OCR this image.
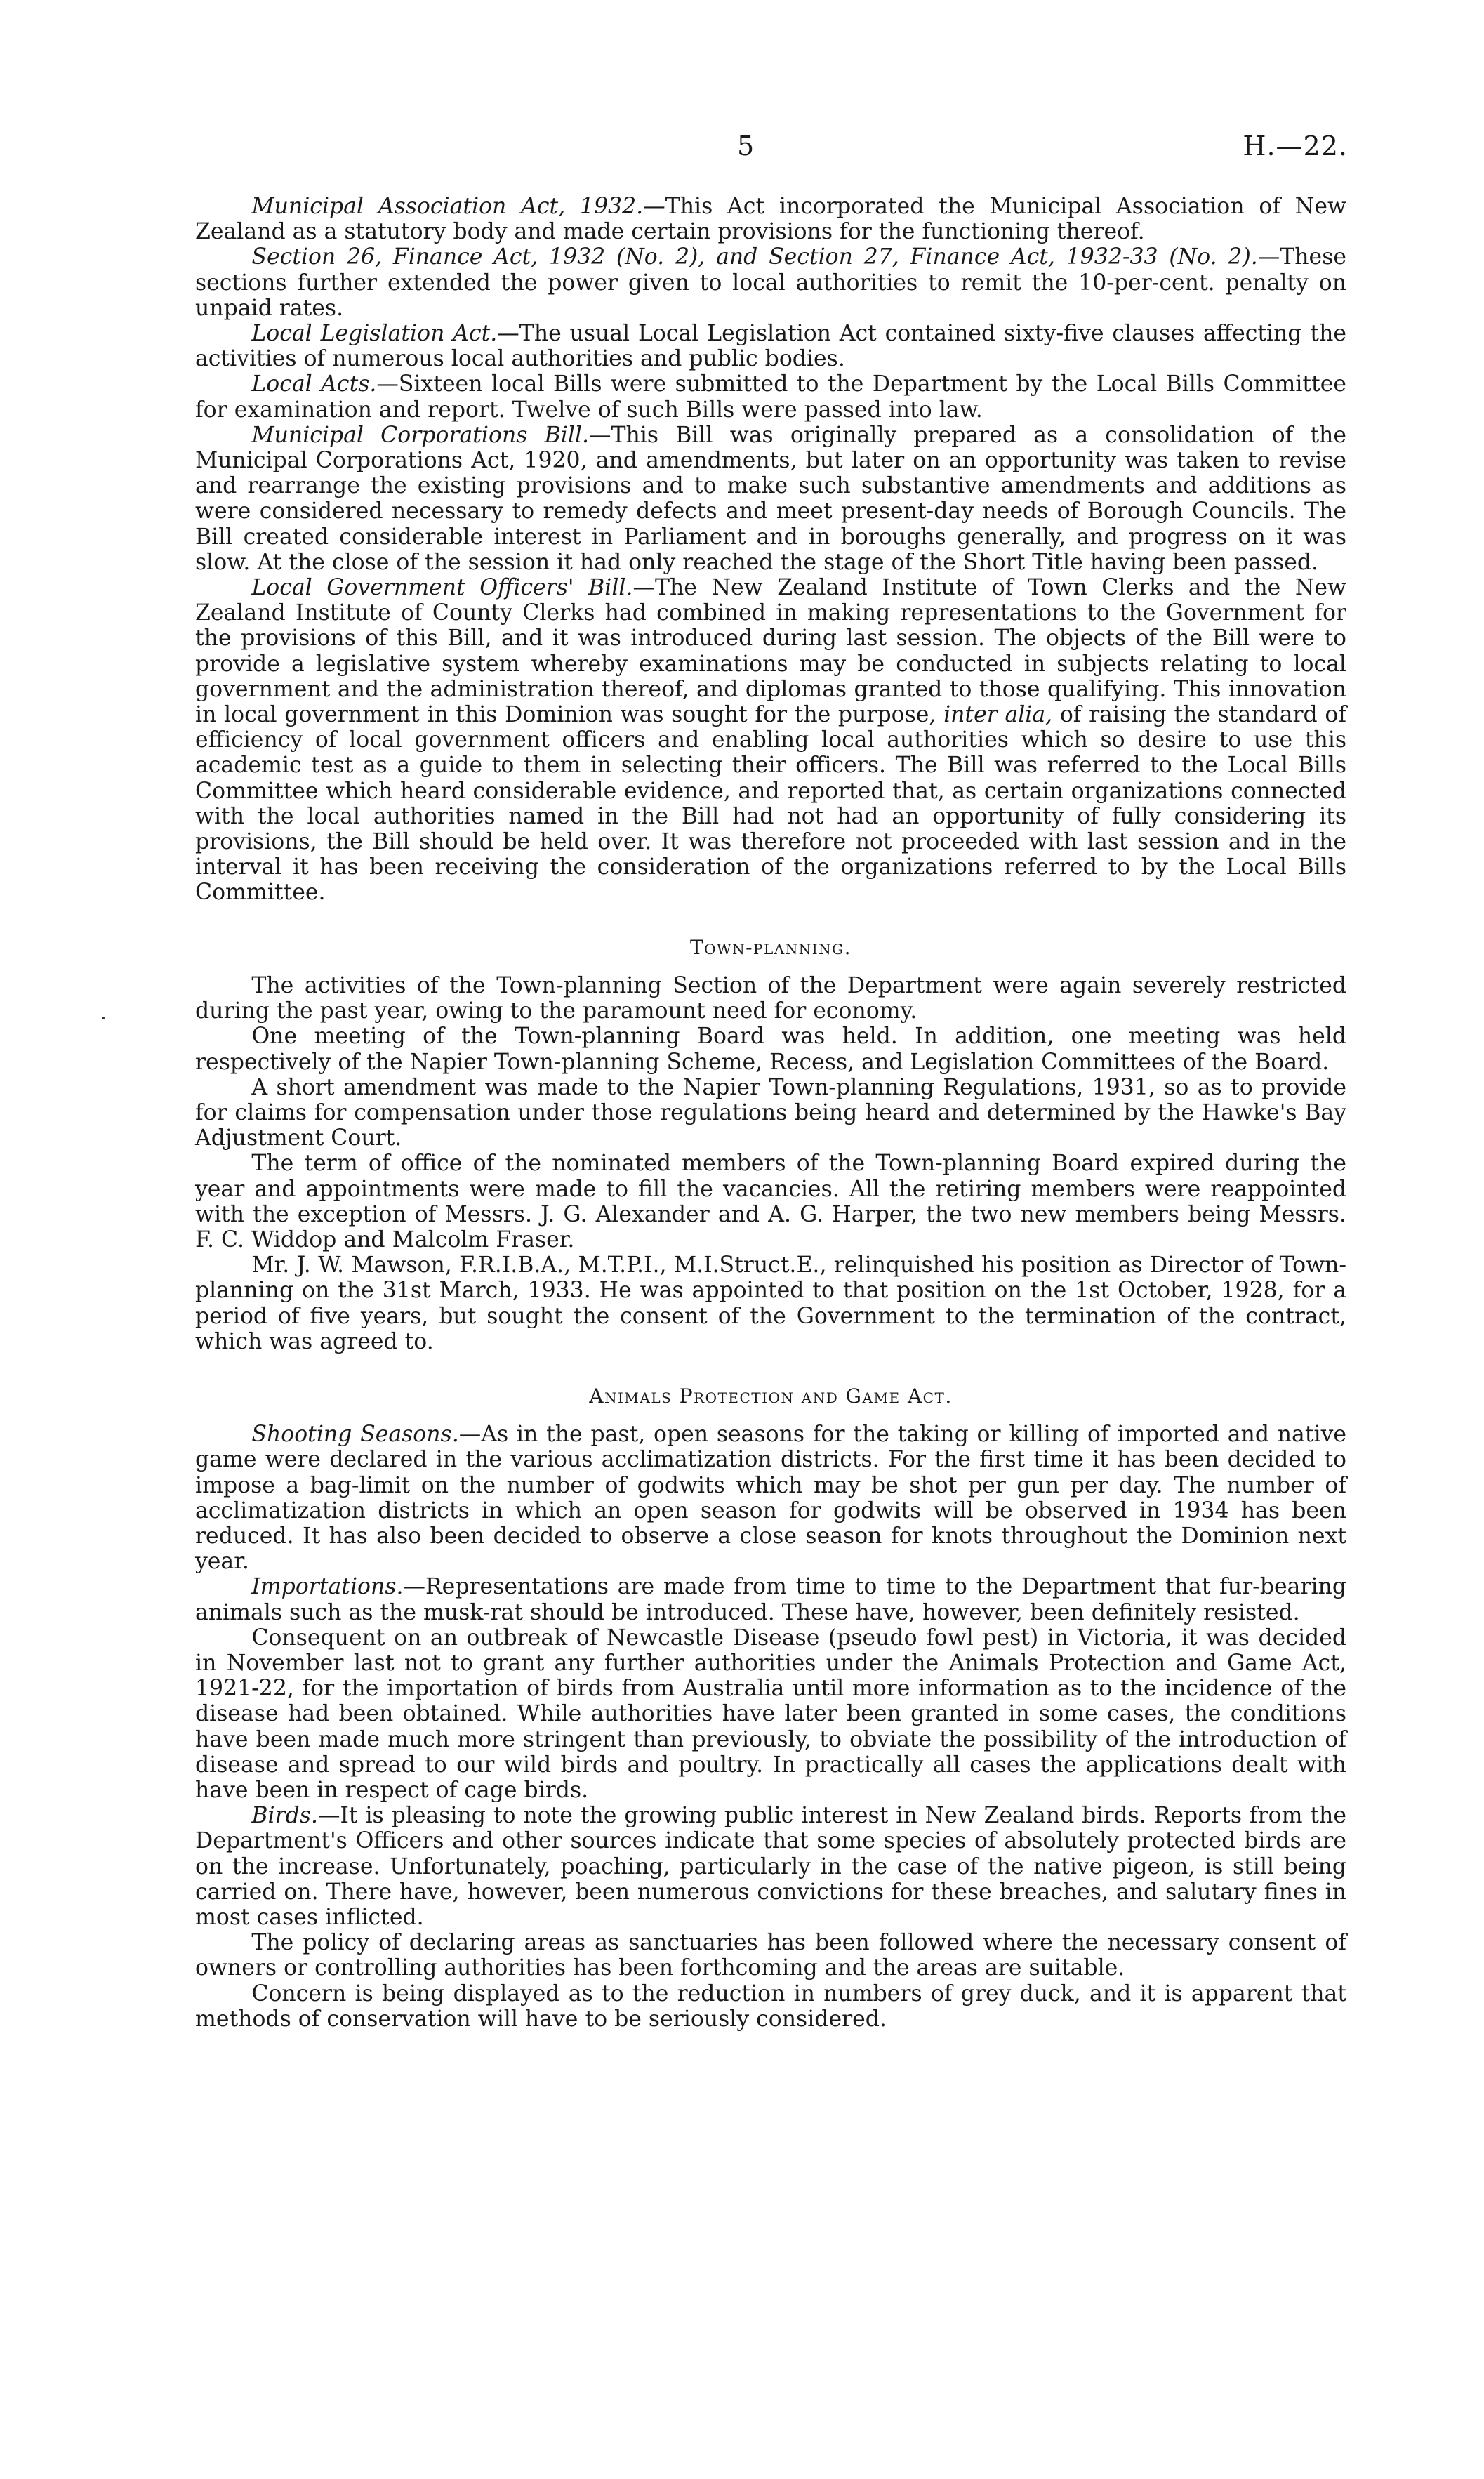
5	H.—22.

Municipal Association Act, 1932.—This Act incorporated the Municipal Association of New Zealand as a statutory body and made certain provisions for the functioning thereof.

Section 26, Finance Act, 1932 (No. 2), and Section 27, Finance Act, 1932-33 (No. 2).—These sections further extended the power given to local authorities to remit the 10-per-cent. penalty on unpaid rates.

Local Legislation Act.—The usual Local Legislation Act contained sixty-five clauses affecting the activities of numerous local authorities and public bodies.

Local Acts.—Sixteen local Bills were submitted to the Department by the Local Bills Committee for examination and report. Twelve of such Bills were passed into law.

Municipal Corporations Bill.—This Bill was originally prepared as a consolidation of the Municipal Corporations Act, 1920, and amendments, but later on an opportunity was taken to revise and rearrange the existing provisions and to make such substantive amendments and additions as were considered necessary to remedy defects and meet present-day needs of Borough Councils. The Bill created considerable interest in Parliament and in boroughs generally, and progress on it was slow. At the close of the session it had only reached the stage of the Short Title having been passed.

Local Government Officers' Bill.—The New Zealand Institute of Town Clerks and the New Zealand Institute of County Clerks had combined in making representations to the Government for the provisions of this Bill, and it was introduced during last session. The objects of the Bill were to provide a legislative system whereby examinations may be conducted in subjects relating to local government and the administration thereof, and diplomas granted to those qualifying. This innovation in local government in this Dominion was sought for the purpose, inter alia, of raising the standard of efficiency of local government officers and enabling local authorities which so desire to use this academic test as a guide to them in selecting their officers. The Bill was referred to the Local Bills Committee which heard considerable evidence, and reported that, as certain organizations connected with the local authorities named in the Bill had not had an opportunity of fully considering its provisions, the Bill should be held over. It was therefore not proceeded with last session and in the interval it has been receiving the consideration of the organizations referred to by the Local Bills Committee.

Town-planning.

The activities of the Town-planning Section of the Department were again severely restricted during the past year, owing to the paramount need for economy.

One meeting of the Town-planning Board was held. In addition, one meeting was held respectively of the Napier Town-planning Scheme, Recess, and Legislation Committees of the Board.

A short amendment was made to the Napier Town-planning Regulations, 1931, so as to provide for claims for compensation under those regulations being heard and determined by the Hawke's Bay Adjustment Court.

The term of office of the nominated members of the Town-planning Board expired during the year and appointments were made to fill the vacancies. All the retiring members were reappointed with the exception of Messrs. J. G. Alexander and A. G. Harper, the two new members being Messrs. F. C. Widdop and Malcolm Fraser.

Mr. J. W. Mawson, F.R.I.B.A., M.T.P.I., M.I.Struct.E., relinquished his position as Director of Town-planning on the 31st March, 1933. He was appointed to that position on the 1st October, 1928, for a period of five years, but sought the consent of the Government to the termination of the contract, which was agreed to.

Animals Protection and Game Act.

Shooting Seasons.—As in the past, open seasons for the taking or killing of imported and native game were declared in the various acclimatization districts. For the first time it has been decided to impose a bag-limit on the number of godwits which may be shot per gun per day. The number of acclimatization districts in which an open season for godwits will be observed in 1934 has been reduced. It has also been decided to observe a close season for knots throughout the Dominion next year.

Importations.—Representations are made from time to time to the Department that fur-bearing animals such as the musk-rat should be introduced. These have, however, been definitely resisted.

Consequent on an outbreak of Newcastle Disease (pseudo fowl pest) in Victoria, it was decided in November last not to grant any further authorities under the Animals Protection and Game Act, 1921-22, for the importation of birds from Australia until more information as to the incidence of the disease had been obtained. While authorities have later been granted in some cases, the conditions have been made much more stringent than previously, to obviate the possibility of the introduction of disease and spread to our wild birds and poultry. In practically all cases the applications dealt with have been in respect of cage birds.

Birds.—It is pleasing to note the growing public interest in New Zealand birds. Reports from the Department's Officers and other sources indicate that some species of absolutely protected birds are on the increase. Unfortunately, poaching, particularly in the case of the native pigeon, is still being carried on. There have, however, been numerous convictions for these breaches, and salutary fines in most cases inflicted.

The policy of declaring areas as sanctuaries has been followed where the necessary consent of owners or controlling authorities has been forthcoming and the areas are suitable.

Concern is being displayed as to the reduction in numbers of grey duck, and it is apparent that methods of conservation will have to be seriously considered.
